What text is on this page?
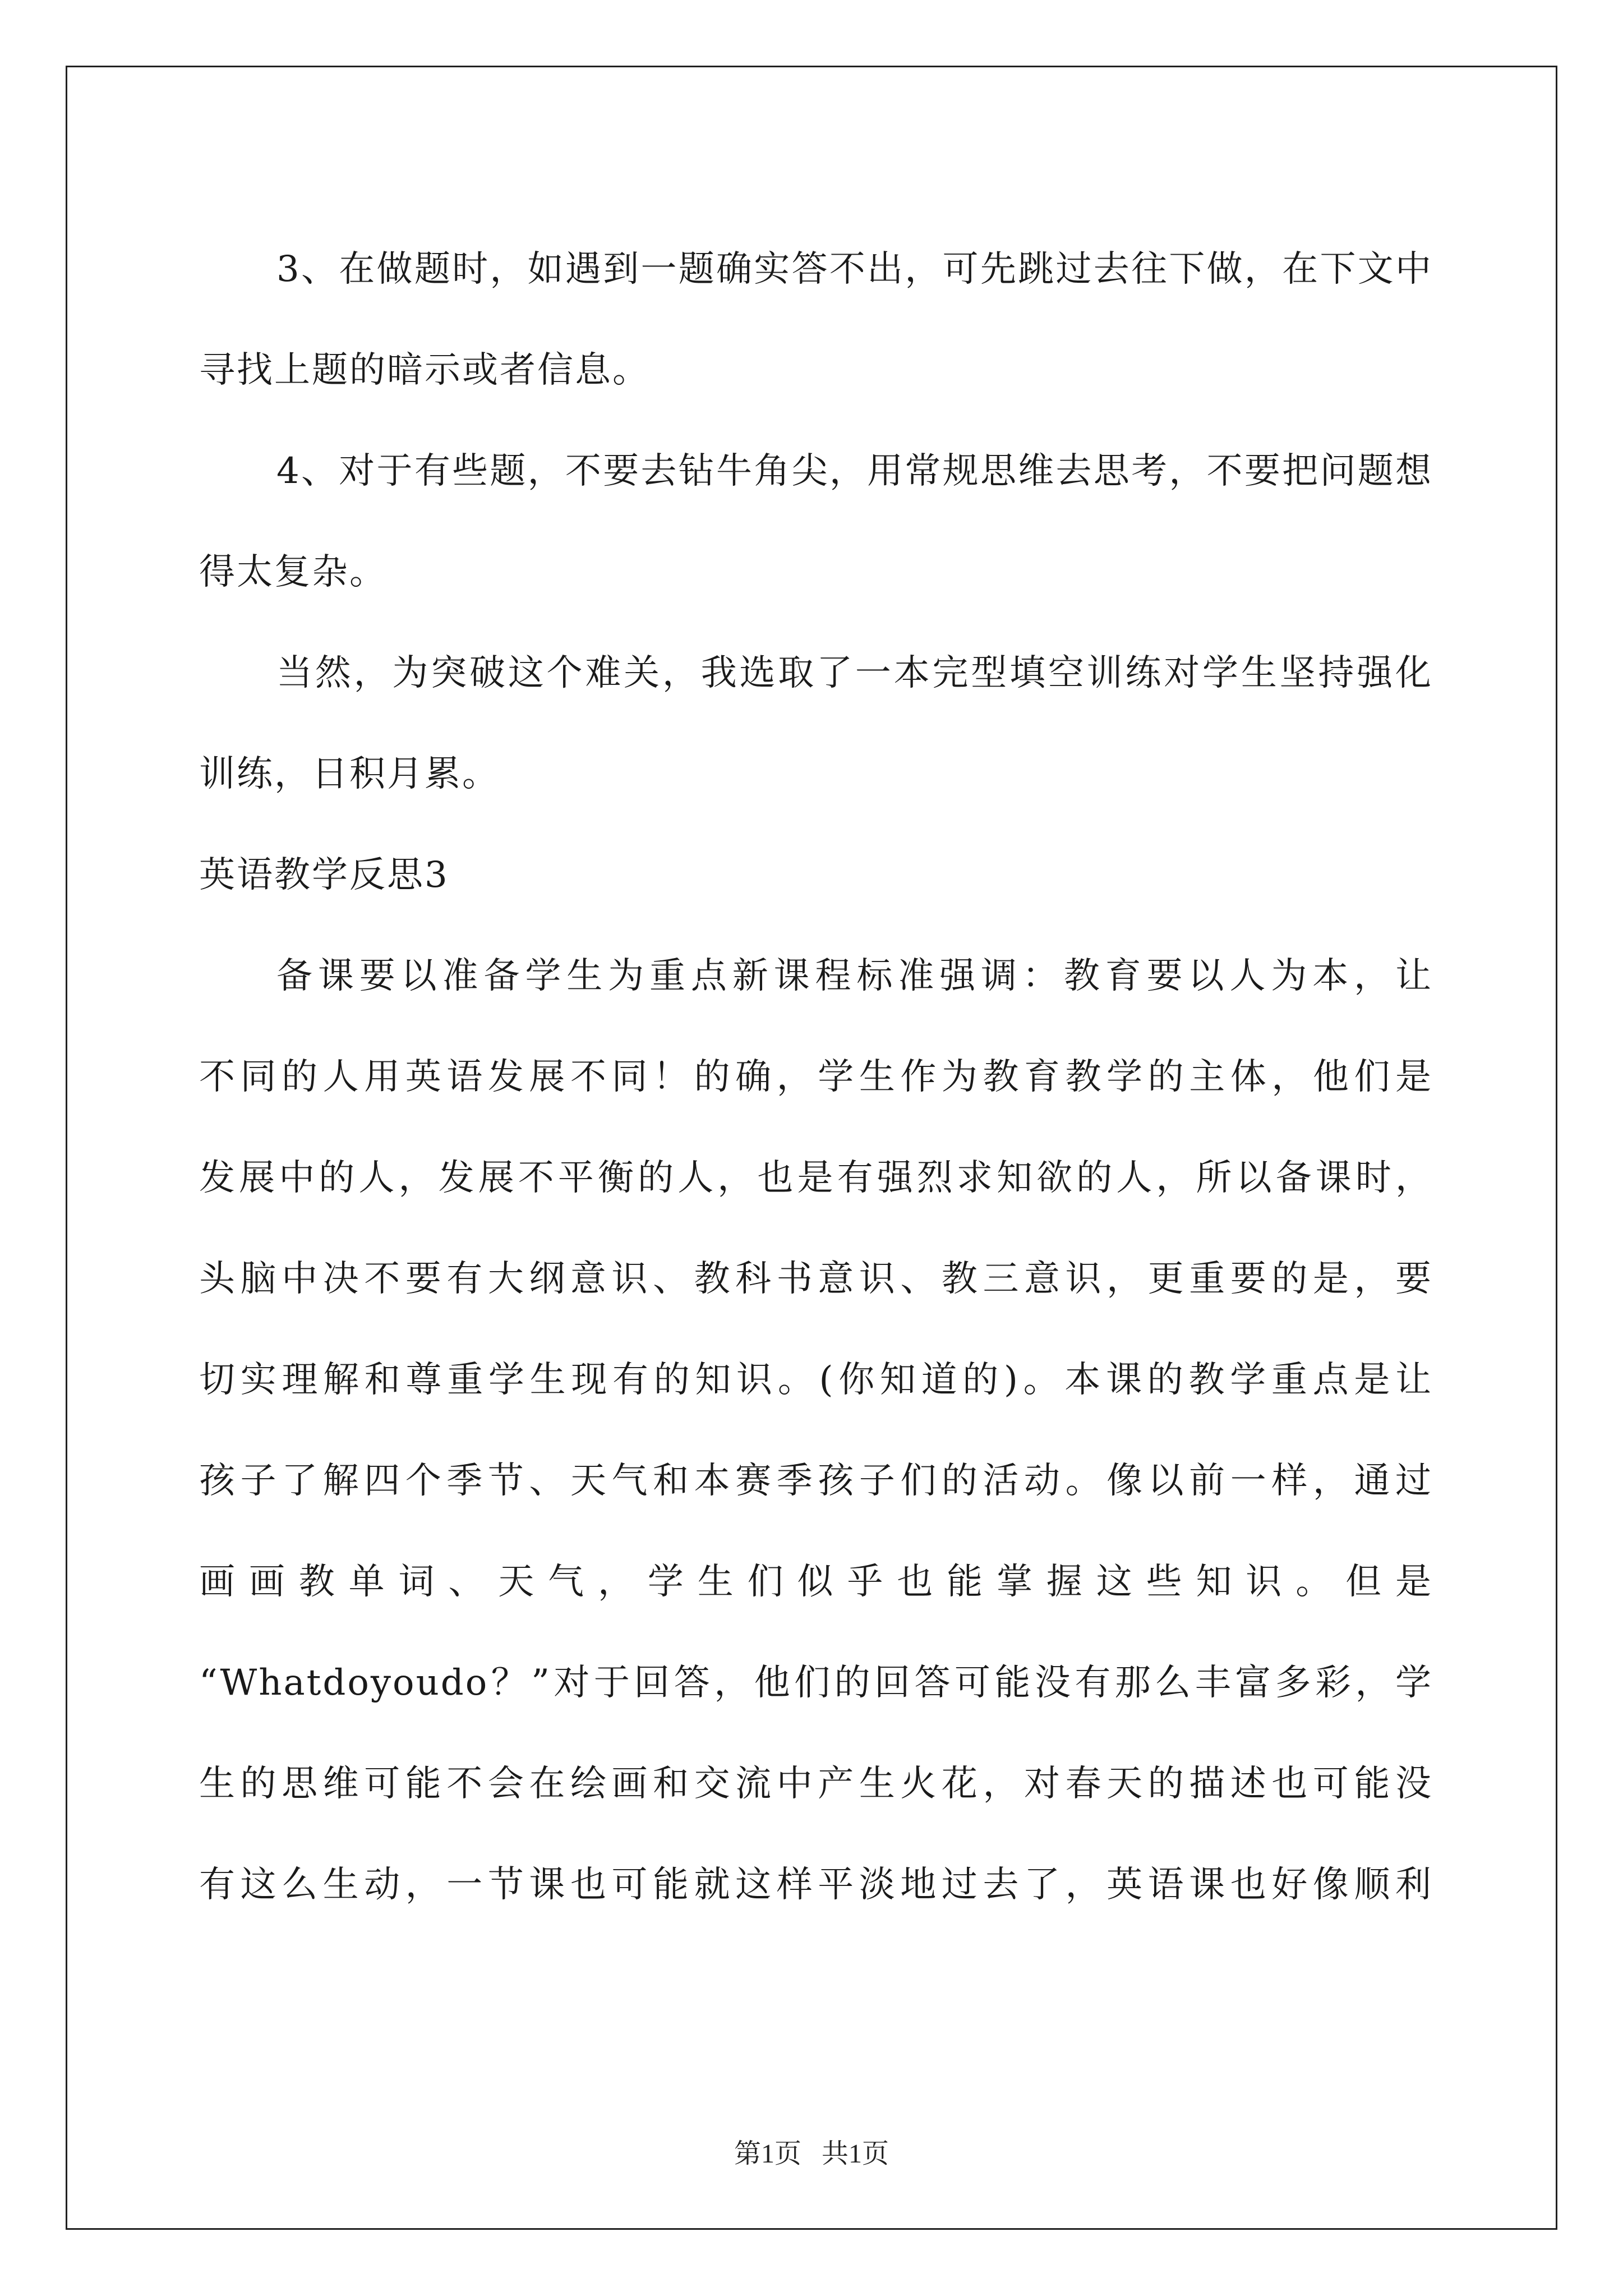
3、在做题时，如遇到一题确实答不出，可先跳过去往下做，在下文中寻找上题的暗示或者信息。

4、对于有些题，不要去钻牛角尖，用常规思维去思考，不要把问题想得太复杂。

当然，为突破这个难关，我选取了一本完型填空训练对学生坚持强化训练，日积月累。

英语教学反思3

备课要以准备学生为重点新课程标准强调：教育要以人为本，让

不同的人用英语发展不同！的确，学生作为教育教学的主体，他们是

发展中的人，发展不平衡的人，也是有强烈求知欲的人，所以备课时，

头脑中决不要有大纲意识、教科书意识、教三意识，更重要的是，要

切实理解和尊重学生现有的知识。(你知道的)。本课的教学重点是让

孩子了解四个季节、天气和本赛季孩子们的活动。像以前一样，通过

画画教单词、天气，学生们似乎也能掌握这些知识。但是

“Whatdoyoudo？”对于回答，他们的回答可能没有那么丰富多彩，学

生的思维可能不会在绘画和交流中产生火花，对春天的描述也可能没

有这么生动，一节课也可能就这样平淡地过去了，英语课也好像顺利

第1页   共1页
